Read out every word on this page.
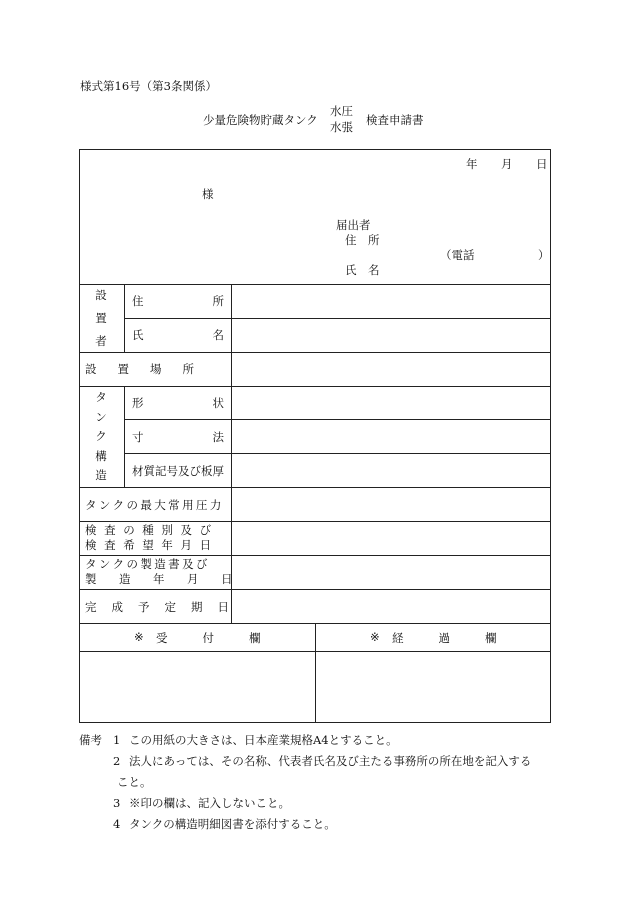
様式第16号（第3条関係）
少量危険物貯蔵タンク
水圧
水張 検査申請書
年 月 日
様
届出者
住　所
（電話	）
氏　名
設置者
住	所
氏	名
設置場所
タンク構造
形	状
寸	法
材質記号及び板厚
タンクの最大常用圧力
検査の種別及び
検査希望年月日
タンクの製造書及び
製造年月日
完成予定期日
※ 受付欄	※ 経過欄
備考 1 この用紙の大きさは、日本産業規格A4とすること。
2 法人にあっては、その名称、代表者氏名及び主たる事務所の所在地を記入する
こと。
3 ※印の欄は、記入しないこと。
4 タンクの構造明細図書を添付すること。
